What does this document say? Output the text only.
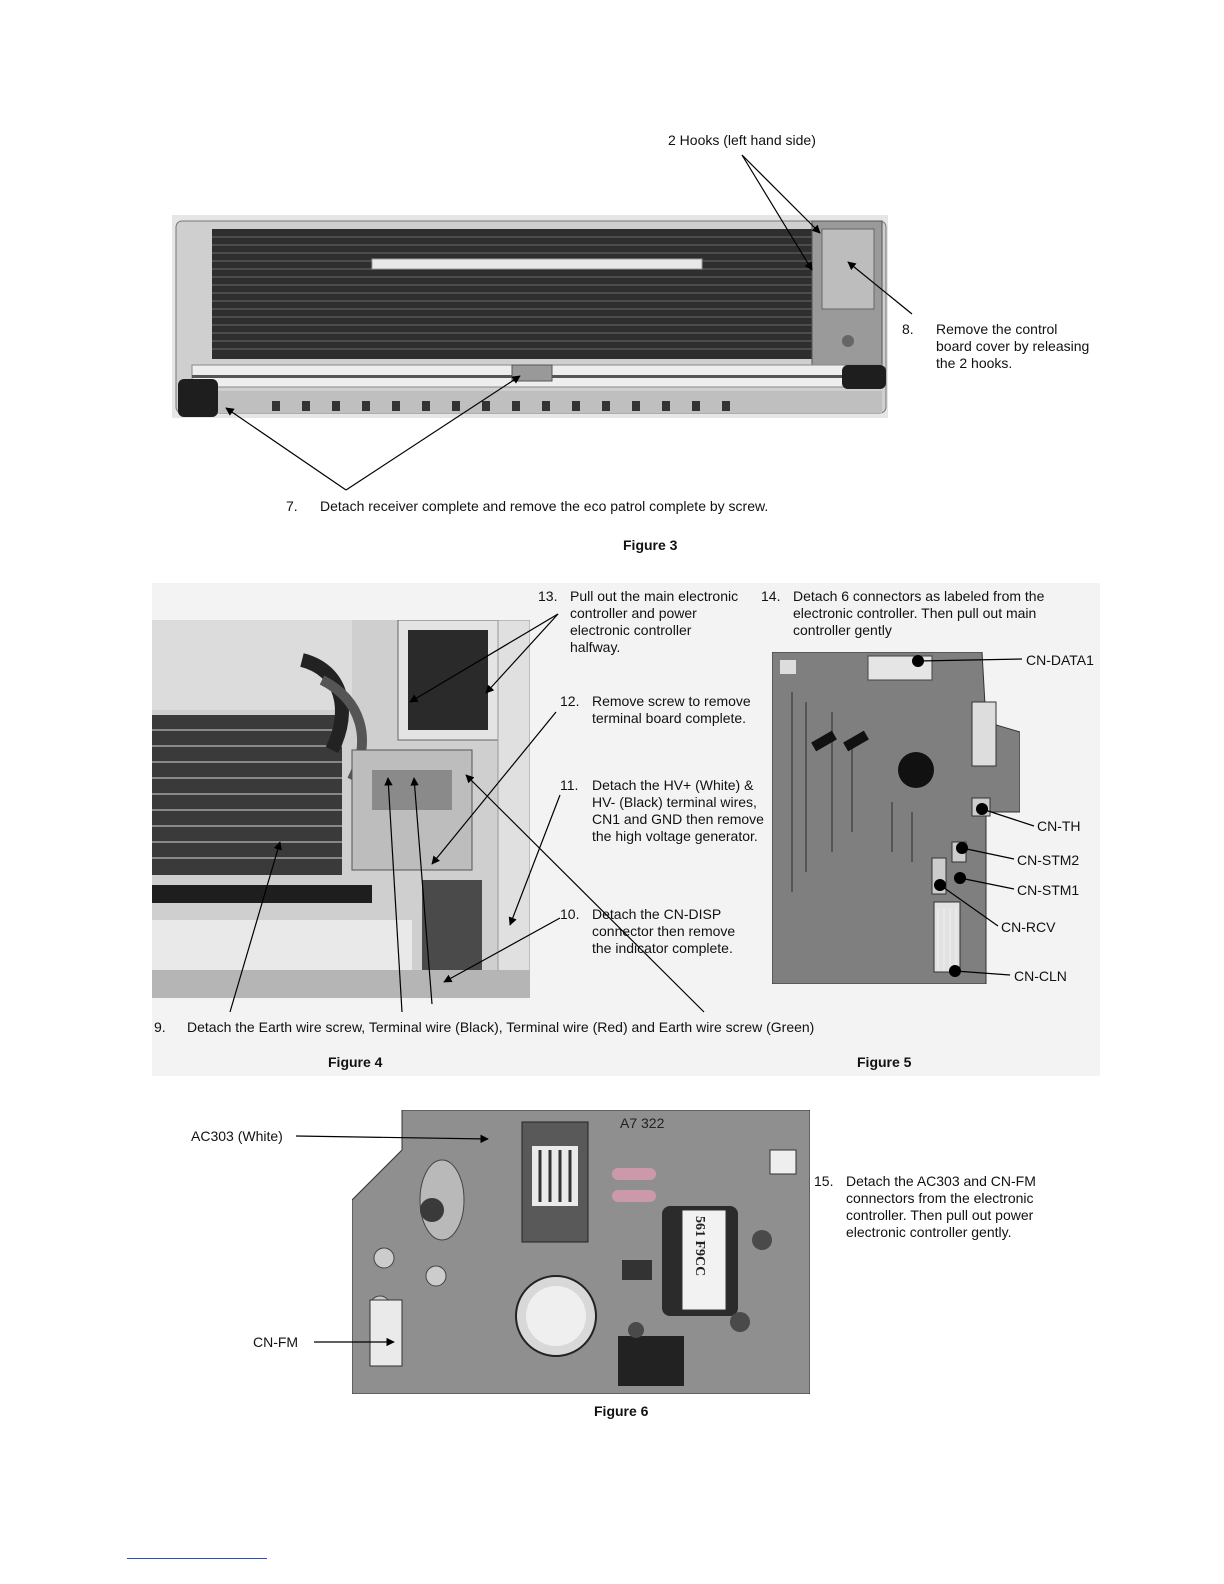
2 Hooks (left hand side)
8. Remove the control board cover by releasing the 2 hooks.
7. Detach receiver complete and remove the eco patrol complete by screw.
Figure 3
13. Pull out the main electronic controller and power electronic controller halfway.
12. Remove screw to remove terminal board complete.
11. Detach the HV+ (White) & HV- (Black) terminal wires, CN1 and GND then remove the high voltage generator.
10. Detach the CN-DISP connector then remove the indicator complete.
14. Detach 6 connectors as labeled from the electronic controller. Then pull out main controller gently
CN-DATA1
CN-TH
CN-STM2
CN-STM1
CN-RCV
CN-CLN
9. Detach the Earth wire screw, Terminal wire (Black), Terminal wire (Red) and Earth wire screw (Green)
Figure 4	Figure 5
AC303 (White)
CN-FM
A7 322
561 F9CC
15. Detach the AC303 and CN-FM connectors from the electronic controller. Then pull out power electronic controller gently.
Figure 6
